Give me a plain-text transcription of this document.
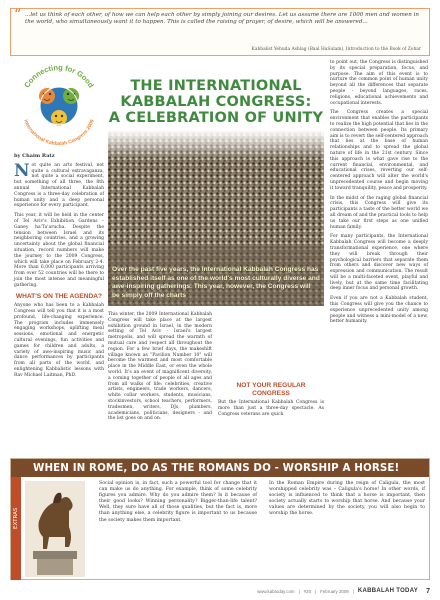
“ ...let us think of each other, of how we can help each other by simply joining our desires. Let us assume there are 1000 men and women in the world, who simultaneously want it to happen. This is called the raising of prayer, of desire, which will be answered...
Kabbalist Yehuda Ashlag (Baal HaSulam), Introduction to the Book of Zohar
Connecting for Good
International Kabbalah Congress 2009
THE INTERNATIONAL
KABBALAH CONGRESS:
A CELEBRATION OF UNITY
Over the past five years, the International Kabbalah Congress has established itself as one of the world's most culturally diverse and awe-inspiring gatherings. This year, however, the Congress will be simply off the charts
by Chaim Ratz

Not quite an arts festival, not quite a cultural extravaganza, not quite a social experiment, but something of all three, the 8th annual International Kabbalah Congress is a three-day celebration of human unity and a deep personal experience for every participant.

This year, it will be held in the center of Tel Aviv's Exhibition Gardens – Ganey ha'Ta'arucha. Despite the tension between Israel and its neighboring countries, and a growing uncertainty about the global financial situation, record numbers will make the journey to the 2009 Congress, which will take place on February 2-4. More than 6,000 participants arriving from over 52 countries will be there to join the most intense and meaningful gathering.

WHAT'S ON THE AGENDA?

Anyone who has been to a Kabbalah Congress will tell you that it is a most profound, life-changing experience. The program includes immensely engaging workshops, uplifting meal sessions, emotional and energetic cultural evenings, fun activities and games for children and adults, a variety of awe-inspiring music and dance performances by participants from all parts of the world, and enlightening Kabbalistic lessons with Rav Michael Laitman, PhD.

This winter, the 2009 International Kabbalah Congress will take place at the largest exhibition ground in Israel, in the modern setting of Tel Aviv - Israel's largest metropolis, and will spread the warmth of mutual care and respect all throughout the region. For a few brief days, the makeshift village known as "Pavilion Number 10" will become the warmest and most comfortable place in the Middle East, or even the whole world. It's an event of magnificent diversity, a coming together of people of all ages and from all walks of life: celebrities, creative artists, engineers, trade workers, dancers, white collar workers, students, musicians, stockinvestors, school teachers, performers, tradesmen, writers, DJs, plumbers, academicians, politicians, designers - and the list goes on and on.

NOT YOUR REGULAR CONGRESS

But the International Kabbalah Congress is more than just a three-day spectacle. As Congress veterans are quick

to point out, the Congress is distinguished by its special preparation, focus, and purpose. The aim of this event is to nurture the common point of human unity beyond all the differences that separate people - beyond languages, races, religions, educational achievements and occupational interests.

The Congress creates a special environment that enables the participants to realize the high potential that lies in the connection between people. Its primary aim is to revert the self-centered approach that lies at the base of human relationships and to spread the global nature of life in the 21st century. Since this approach is what gave rise to the current financial, environmental, and educational crises, reverting our self-centered approach will alter the world's unprecedented course and begin moving it toward tranquility, peace and prosperity.

In the midst of the raging global financial crisis, this Congress will give its participants a taste of the better world we all dream of and the practical tools to help us take our first steps as one unified human family.

For many participants, the International Kabbalah Congress will become a deeply transformational experience, one where they will break through their psychological barriers that separate them from others and discover new ways of expression and communication. The result will be a multi-faceted event, playful and lively, but at the same time facilitating deep inner focus and personal growth.

Even if you are not a Kabbalah student, this Congress will give you the chance to experience unprecedented unity among people and witness a mini-model of a new, better humanity.

WHEN IN ROME, DO AS THE ROMANS DO - WORSHIP A HORSE!
EXTRAS
Social opinion is, in fact, such a powerful tool for change that it can make us do anything. For example, think of some celebrity figures you admire. Why do you admire them? Is it because of their good looks? Winning personality? Bigger-than-life talent? Well, they sure have all of those qualities, but the fact is, more than anything else, a celebrity figure is important to us because the society makes them important.
In the Roman Empire during the reign of Caligula, the most worshipped celebrity was – Caligula's horse! In other words, if society is influenced to think that a horse is important, then society actually starts to worship that horse. And because your values are determined by the society, you will also begin to worship the horse.
www.kabtoday.com | #20 | February 2009 | KABBALAH TODAY 7
